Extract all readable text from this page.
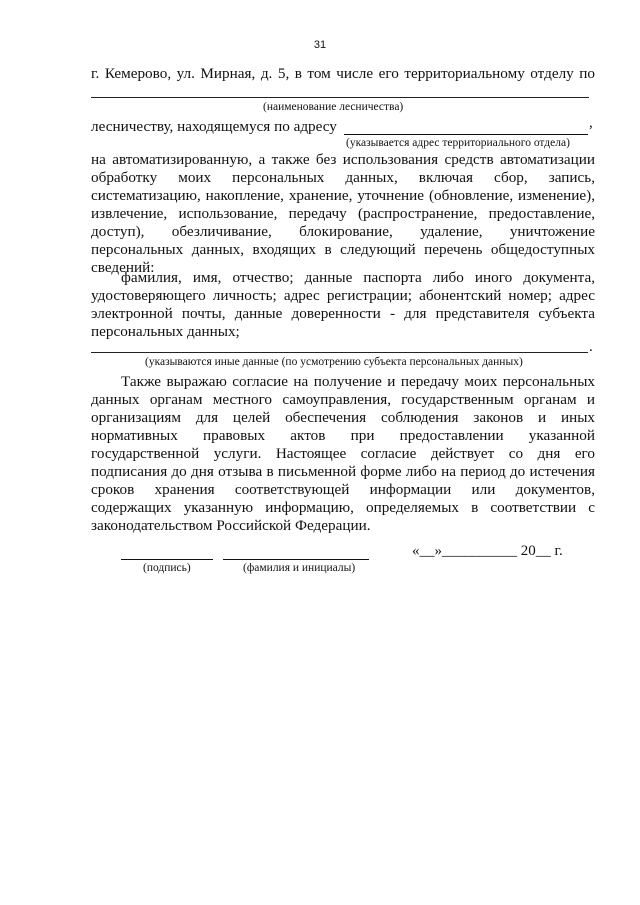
31
г. Кемерово, ул. Мирная, д. 5, в том числе его территориальному отделу по
(наименование лесничества)
лесничеству, находящемуся по адресу	,
(указывается адрес территориального отдела)
на автоматизированную, а также без использования средств автоматизации обработку моих персональных данных, включая сбор, запись, систематизацию, накопление, хранение, уточнение (обновление, изменение), извлечение, использование, передачу (распространение, предоставление, доступ), обезличивание, блокирование, удаление, уничтожение персональных данных, входящих в следующий перечень общедоступных сведений:
фамилия, имя, отчество; данные паспорта либо иного документа, удостоверяющего личность; адрес регистрации; абонентский номер; адрес электронной почты, данные доверенности - для представителя субъекта персональных данных;
.
(указываются иные данные (по усмотрению субъекта персональных данных)
Также выражаю согласие на получение и передачу моих персональных данных органам местного самоуправления, государственным органам и организациям для целей обеспечения соблюдения законов и иных нормативных правовых актов при предоставлении указанной государственной услуги. Настоящее согласие действует со дня его подписания до дня отзыва в письменной форме либо на период до истечения сроков хранения соответствующей информации или документов, содержащих указанную информацию, определяемых в соответствии с законодательством Российской Федерации.
«__»__________ 20__ г.
(подпись)	(фамилия и инициалы)
